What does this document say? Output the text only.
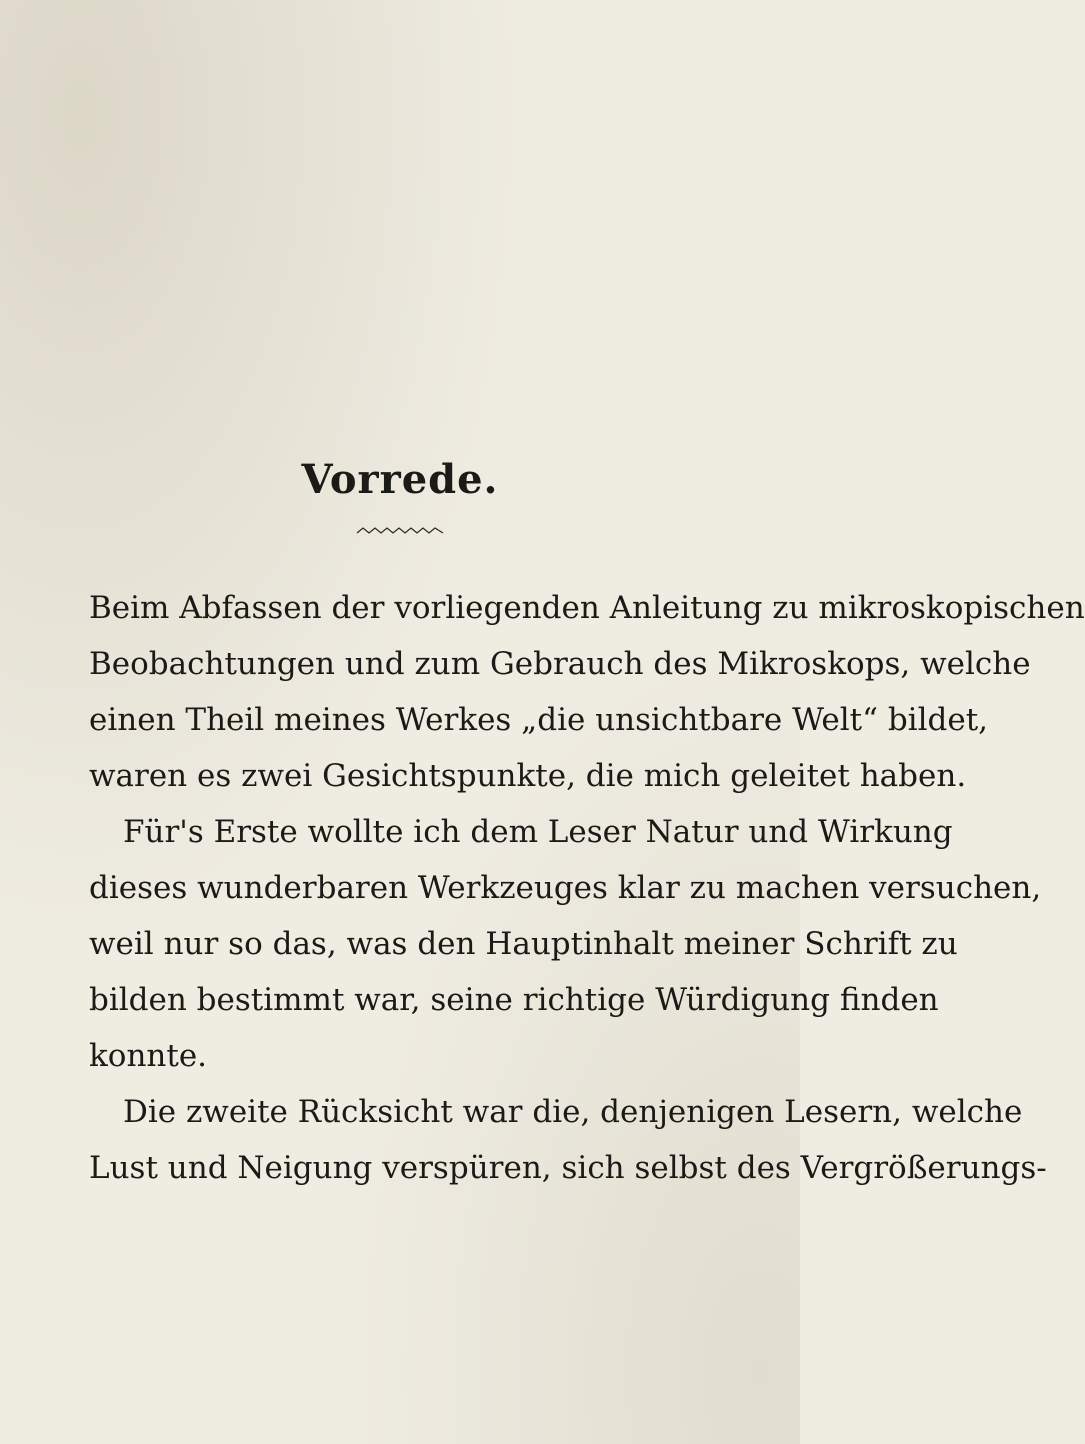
Vorrede.
Beim Abfassen der vorliegenden Anleitung zu mikroskopischen
Beobachtungen und zum Gebrauch des Mikroskops, welche
einen Theil meines Werkes „die unsichtbare Welt“ bildet,
waren es zwei Gesichtspunkte, die mich geleitet haben.
Für's Erste wollte ich dem Leser Natur und Wirkung
dieses wunderbaren Werkzeuges klar zu machen versuchen,
weil nur so das, was den Hauptinhalt meiner Schrift zu
bilden bestimmt war, seine richtige Würdigung finden
konnte.
Die zweite Rücksicht war die, denjenigen Lesern, welche
Lust und Neigung verspüren, sich selbst des Vergrößerungs-
